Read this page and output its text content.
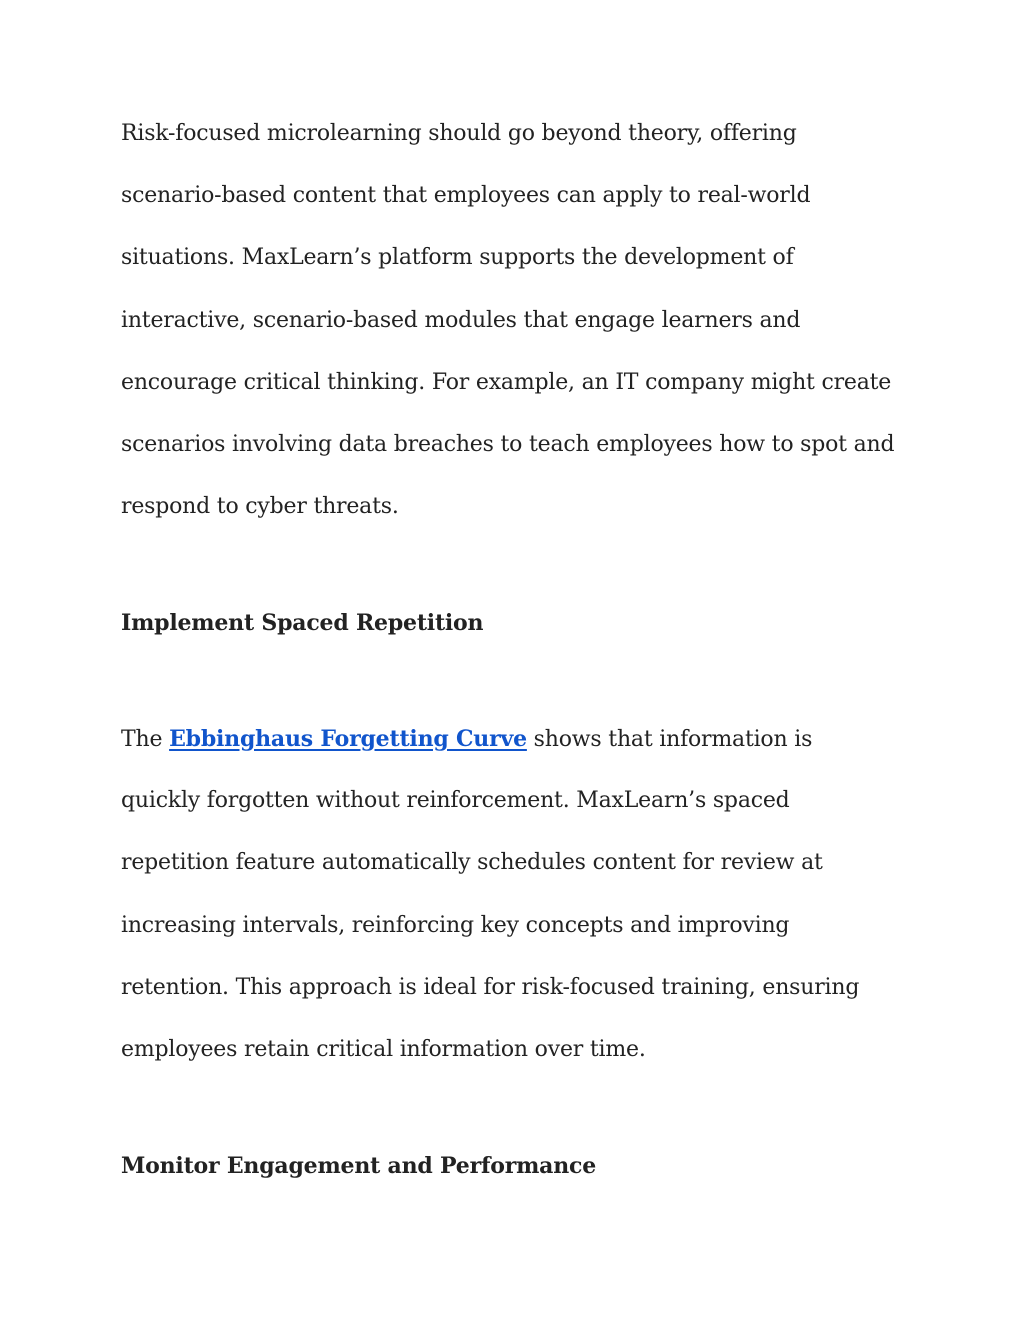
Risk-focused microlearning should go beyond theory, offering
scenario-based content that employees can apply to real-world
situations. MaxLearn’s platform supports the development of
interactive, scenario-based modules that engage learners and
encourage critical thinking. For example, an IT company might create
scenarios involving data breaches to teach employees how to spot and
respond to cyber threats.
Implement Spaced Repetition
The Ebbinghaus Forgetting Curve shows that information is
quickly forgotten without reinforcement. MaxLearn’s spaced
repetition feature automatically schedules content for review at
increasing intervals, reinforcing key concepts and improving
retention. This approach is ideal for risk-focused training, ensuring
employees retain critical information over time.
Monitor Engagement and Performance
